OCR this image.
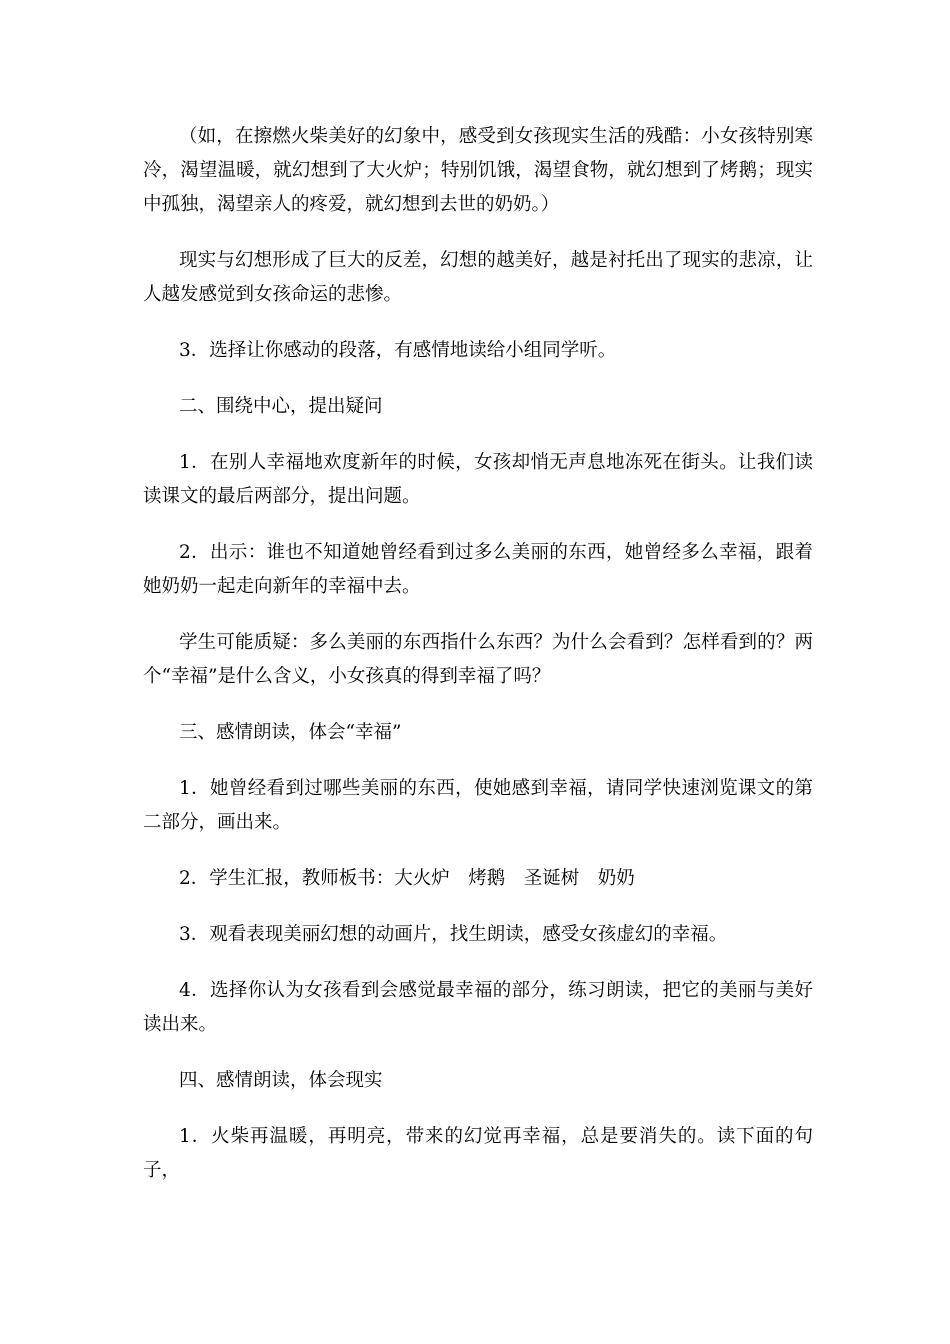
（如，在擦燃火柴美好的幻象中，感受到女孩现实生活的残酷：小女孩特别寒冷，渴望温暖，就幻想到了大火炉；特别饥饿，渴望食物，就幻想到了烤鹅；现实中孤独，渴望亲人的疼爱，就幻想到去世的奶奶。）

现实与幻想形成了巨大的反差，幻想的越美好，越是衬托出了现实的悲凉，让人越发感觉到女孩命运的悲惨。

3．选择让你感动的段落，有感情地读给小组同学听。

二、围绕中心，提出疑问

1．在别人幸福地欢度新年的时候，女孩却悄无声息地冻死在街头。让我们读读课文的最后两部分，提出问题。

2．出示：谁也不知道她曾经看到过多么美丽的东西，她曾经多么幸福，跟着她奶奶一起走向新年的幸福中去。

学生可能质疑：多么美丽的东西指什么东西？为什么会看到？怎样看到的？两个“幸福”是什么含义，小女孩真的得到幸福了吗？

三、感情朗读，体会“幸福”

1．她曾经看到过哪些美丽的东西，使她感到幸福，请同学快速浏览课文的第二部分，画出来。

2．学生汇报，教师板书：大火炉　烤鹅　圣诞树　奶奶

3．观看表现美丽幻想的动画片，找生朗读，感受女孩虚幻的幸福。

4．选择你认为女孩看到会感觉最幸福的部分，练习朗读，把它的美丽与美好读出来。

四、感情朗读，体会现实

1．火柴再温暖，再明亮，带来的幻觉再幸福，总是要消失的。读下面的句子，
